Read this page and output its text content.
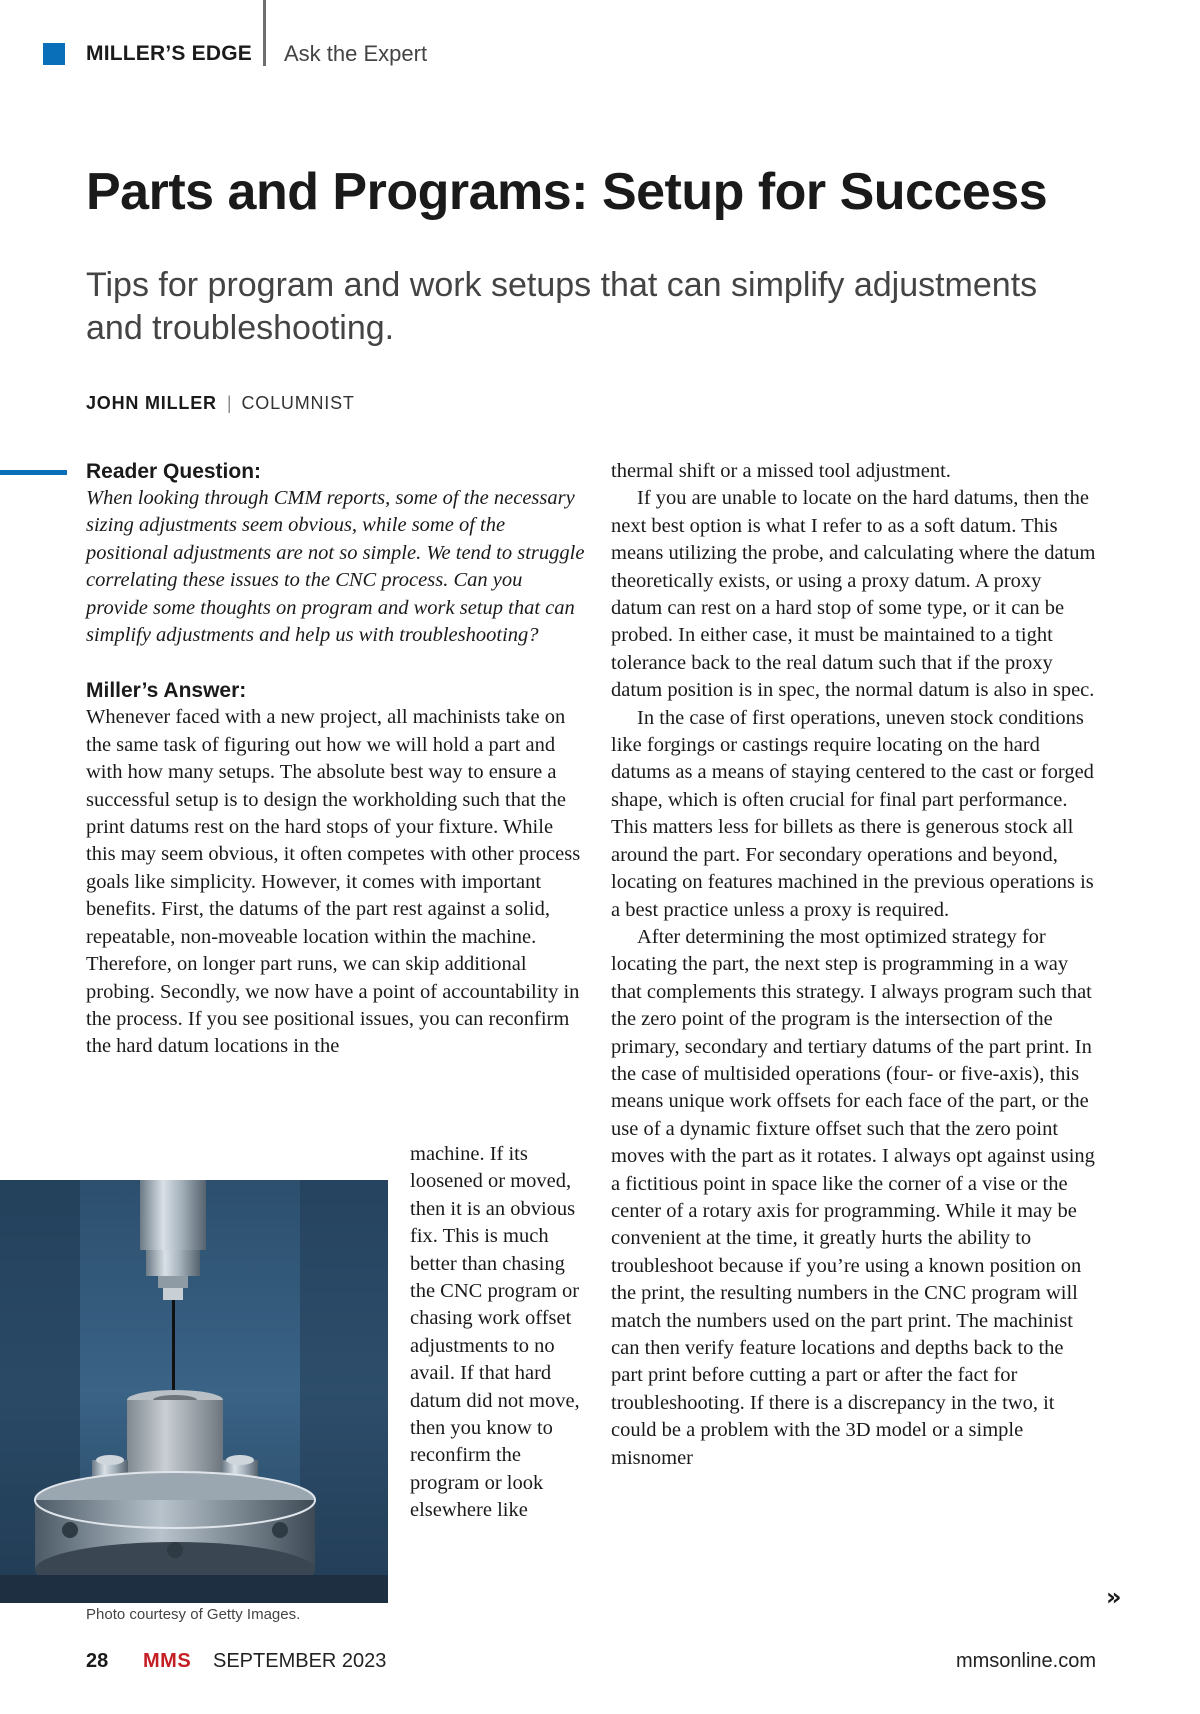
MILLER’S EDGE Ask the Expert
Parts and Programs: Setup for Success

Tips for program and work setups that can simplify adjustments and troubleshooting.

JOHN MILLER | COLUMNIST
Reader Question:

When looking through CMM reports, some of the necessary sizing adjustments seem obvious, while some of the positional adjustments are not so simple. We tend to struggle correlating these issues to the CNC process. Can you provide some thoughts on program and work setup that can simplify adjustments and help us with troubleshooting?

Miller’s Answer:

Whenever faced with a new project, all machinists take on the same task of figuring out how we will hold a part and with how many setups. The absolute best way to ensure a successful setup is to design the workholding such that the print datums rest on the hard stops of your fixture. While this may seem obvious, it often competes with other process goals like simplicity. However, it comes with important benefits. First, the datums of the part rest against a solid, repeatable, non-moveable location within the machine. Therefore, on longer part runs, we can skip additional probing. Secondly, we now have a point of accountability in the process. If you see positional issues, you can reconfirm the hard datum locations in the

machine. If its loosened or moved, then it is an obvious fix. This is much better than chasing the CNC program or chasing work offset adjustments to no avail. If that hard datum did not move, then you know to reconfirm the program or look elsewhere like

Photo courtesy of Getty Images.

thermal shift or a missed tool adjustment.

If you are unable to locate on the hard datums, then the next best option is what I refer to as a soft datum. This means utilizing the probe, and calculating where the datum theoretically exists, or using a proxy datum. A proxy datum can rest on a hard stop of some type, or it can be probed. In either case, it must be maintained to a tight tolerance back to the real datum such that if the proxy datum position is in spec, the normal datum is also in spec.

In the case of first operations, uneven stock conditions like forgings or castings require locating on the hard datums as a means of staying centered to the cast or forged shape, which is often crucial for final part performance. This matters less for billets as there is generous stock all around the part. For secondary operations and beyond, locating on features machined in the previous operations is a best practice unless a proxy is required.

After determining the most optimized strategy for locating the part, the next step is programming in a way that complements this strategy. I always program such that the zero point of the program is the intersection of the primary, secondary and tertiary datums of the part print. In the case of multisided operations (four- or five-axis), this means unique work offsets for each face of the part, or the use of a dynamic fixture offset such that the zero point moves with the part as it rotates. I always opt against using a fictitious point in space like the corner of a vise or the center of a rotary axis for programming. While it may be convenient at the time, it greatly hurts the ability to troubleshoot because if you’re using a known position on the print, the resulting numbers in the CNC program will match the numbers used on the part print. The machinist can then verify feature locations and depths back to the part print before cutting a part or after the fact for troubleshooting. If there is a discrepancy in the two, it could be a problem with the 3D model or a simple misnomer

»
28 MMS SEPTEMBER 2023	mmsonline.com
